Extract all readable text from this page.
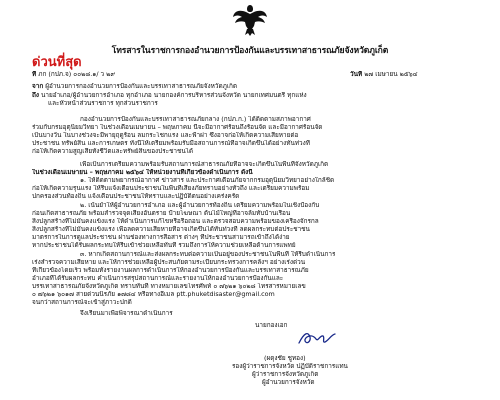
โทรสารในราชการกองอำนวยการป้องกันและบรรเทาสาธารณภัยจังหวัดภูเก็ต
ด่วนที่สุด
ที่ ภก (กปภ.จ) ๐๐๒๘.๑/ ว ๒๙	วันที่ ๒๗ เมษายน ๒๕๖๔
จาก ผู้อำนวยการกองอำนวยการป้องกันและบรรเทาสาธารณภัยจังหวัดภูเก็ต
ถึง นายอำเภอ/ผู้อำนวยการอำเภอ ทุกอำเภอ นายกองค์การบริหารส่วนจังหวัด นายกเทศมนตรี ทุกแห่ง
และหัวหน้าส่วนราชการ ทุกส่วนราชการ
กองอำนวยการป้องกันและบรรเทาสาธารณภัยกลาง (กปภ.ก.) ได้ติดตามสภาพอากาศ
ร่วมกับกรมอุตุนิยมวิทยา ในช่วงเดือนเมษายน – พฤษภาคม นี้จะมีอากาศร้อนถึงร้อนจัด และมีอากาศร้อนจัด
เป็นบางวัน ในบางช่วงจะมีพายุฤดูร้อน ลมกระโชกแรง และฟ้าผ่า ซึ่งอาจก่อให้เกิดความเสียหายต่อ
ประชาชน ทรัพย์สิน และการเกษตร ทั้งนี้ให้เตรียมพร้อมรับมือสถานการณ์ที่อาจเกิดขึ้นได้อย่างทันท่วงที
ก่อให้เกิดความสูญเสียทั้งชีวิตและทรัพย์สินของประชาชนได้
เพื่อเป็นการเตรียมความพร้อมรับสถานการณ์สาธารณภัยที่อาจจะเกิดขึ้นในพื้นที่จังหวัดภูเก็ต
ในช่วงเดือนเมษายน – พฤษภาคม ๒๕๖๔ ให้หน่วยงานที่เกี่ยวข้องดำเนินการ ดังนี้
๑. ให้ติดตามพยากรณ์อากาศ ข่าวสาร และประกาศเตือนภัยจากกรมอุตุนิยมวิทยาอย่างใกล้ชิด
ก่อให้เกิดความรุนแรง ให้รีบแจ้งเตือนประชาชนในพื้นที่เสี่ยงภัยทราบอย่างทั่วถึง และเตรียมความพร้อม
ปกครองส่วนท้องถิ่น แจ้งเตือนประชาชนให้ทราบและปฏิบัติตนอย่างเคร่งครัด
๒. เน้นย้ำให้ผู้อำนวยการอำเภอ และผู้อำนวยการท้องถิ่น เตรียมความพร้อมในเชิงป้องกัน
ก่อนเกิดสาธารณภัย พร้อมสำรวจจุดเสี่ยงอันตราย ป้ายโฆษณา ต้นไม้ใหญ่ที่อาจล้มทับบ้านเรือน
สิ่งปลูกสร้างที่ไม่มั่นคงแข็งแรง ให้ดำเนินการแก้ไขหรือรื้อถอน และตรวจสอบความพร้อมของเครื่องจักรกล
สิ่งปลูกสร้างที่ไม่มั่นคงแข็งแรง เพื่อลดความเสียหายที่อาจเกิดขึ้นได้ทันท่วงที ลดผลกระทบต่อประชาชน
มาตรการในการดูแลประชาชน ผ่านช่องทางการสื่อสาร ต่างๆ ที่ประชาชนสามารถเข้าถึงได้ง่าย
หากประชาชนได้รับผลกระทบให้รีบเข้าช่วยเหลือทันที รวมถึงการให้ความช่วยเหลือด้านการแพทย์
๓. หากเกิดสถานการณ์และส่งผลกระทบต่อความเป็นอยู่ของประชาชนในพื้นที่ ให้รีบดำเนินการ
เร่งสำรวจความเสียหาย และให้การช่วยเหลือผู้ประสบภัยตามระเบียบกระทรวงการคลังฯ อย่างเร่งด่วน
ที่เกี่ยวข้องโดยเร็ว พร้อมทั้งรายงานผลการดำเนินการให้กองอำนวยการป้องกันและบรรเทาสาธารณภัย
อำเภอที่ได้รับผลกระทบ คำเนินการสรุปสถานการณ์และรายงานให้กองอำนวยการป้องกันและ
บรรเทาสาธารณภัยจังหวัดภูเก็ต ทราบทันที ทางหมายเลขโทรศัพท์ ๐ ๗๖๒๑ ๖๐๒๘ โทรสารหมายเลข
๐ ๗๖๒๑ ๖๐๑๗ สายด่วนนิรภัย ๑๗๘๔ หรือทางอีเมล ptt.phuketdisaster@gmail.com
จนกว่าสถานการณ์จะเข้าสู่ภาวะปกติ
จึงเรียนมาเพื่อพิจารณาดำเนินการ
นายกองเอก
(ผดุงชัย ชูทอง)
รองผู้ว่าราชการจังหวัด ปฏิบัติราชการแทน
ผู้ว่าราชการจังหวัดภูเก็ต
ผู้อำนวยการจังหวัด
